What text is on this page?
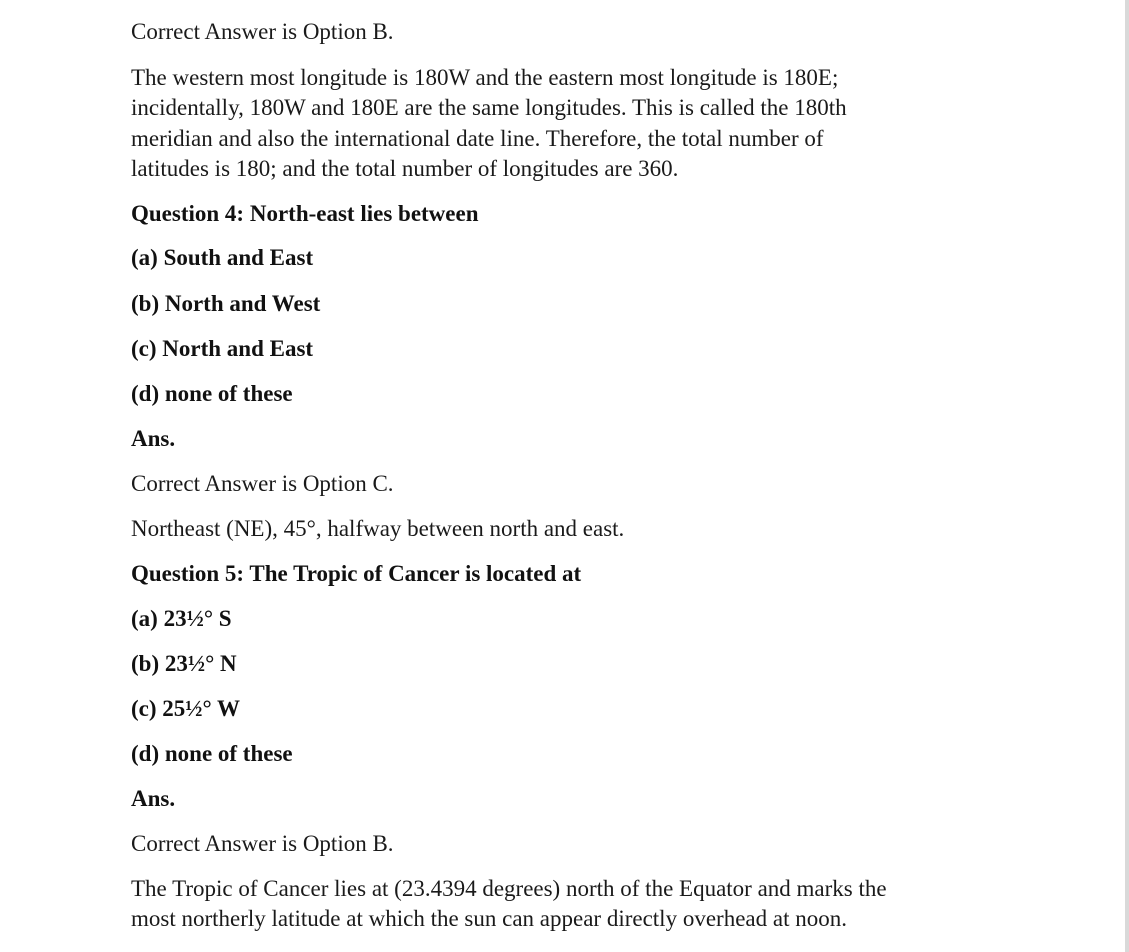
Correct Answer is Option B.
The western most longitude is 180W and the eastern most longitude is 180E;
incidentally, 180W and 180E are the same longitudes. This is called the 180th
meridian and also the international date line. Therefore, the total number of
latitudes is 180; and the total number of longitudes are 360.
Question 4: North-east lies between
(a) South and East
(b) North and West
(c) North and East
(d) none of these
Ans.
Correct Answer is Option C.
Northeast (NE), 45°, halfway between north and east.
Question 5: The Tropic of Cancer is located at
(a) 23½° S
(b) 23½° N
(c) 25½° W
(d) none of these
Ans.
Correct Answer is Option B.
The Tropic of Cancer lies at (23.4394 degrees) north of the Equator and marks the
most northerly latitude at which the sun can appear directly overhead at noon.
